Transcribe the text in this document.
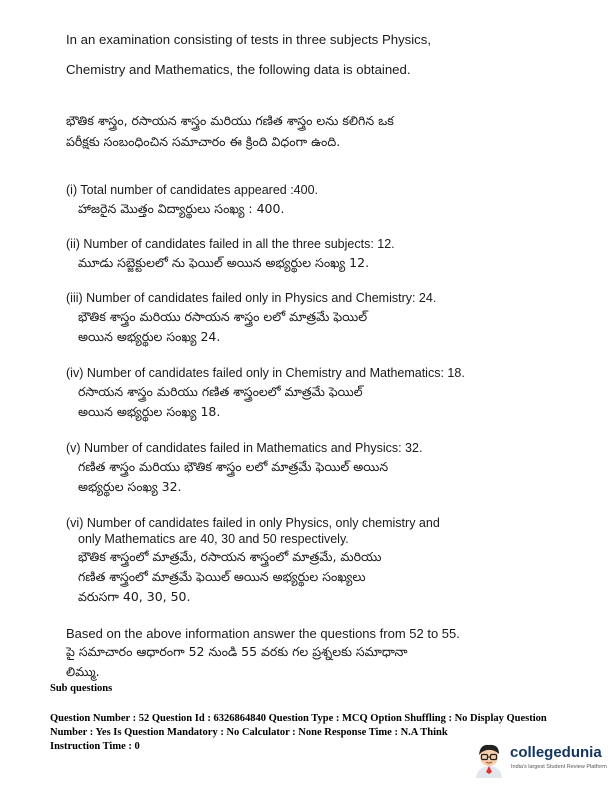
In an examination consisting of tests in three subjects Physics,
Chemistry and Mathematics, the following data is obtained.
భౌతిక శాస్త్రం, రసాయన శాస్త్రం మరియు గణిత శాస్త్రం లను కలిగిన ఒక
పరీక్షకు సంబంధించిన సమాచారం ఈ క్రింది విధంగా ఉంది.
(i) Total number of candidates appeared :400.
హాజరైన మొత్తం విద్యార్థులు సంఖ్య : 400.
(ii) Number of candidates failed in all the three subjects: 12.
మూడు సబ్జెక్టులలో ను ఫెయిల్ అయిన అభ్యర్థుల సంఖ్య 12.
(iii) Number of candidates failed only in Physics and Chemistry: 24.
భౌతిక శాస్త్రం మరియు రసాయన శాస్త్రం లలో మాత్రమే ఫెయిల్
అయిన అభ్యర్థుల సంఖ్య 24.
(iv) Number of candidates failed only in Chemistry and Mathematics: 18.
రసాయన శాస్త్రం మరియు గణిత శాస్త్రంలలో మాత్రమే ఫెయిల్
అయిన అభ్యర్థుల సంఖ్య 18.
(v) Number of candidates failed in Mathematics and Physics: 32.
గణిత శాస్త్రం మరియు భౌతిక శాస్త్రం లలో మాత్రమే ఫెయిల్ అయిన
అభ్యర్థుల సంఖ్య 32.
(vi) Number of candidates failed in only Physics, only chemistry and
only Mathematics are 40, 30 and 50 respectively.
భౌతిక శాస్త్రంలో మాత్రమే, రసాయన శాస్త్రంలో మాత్రమే, మరియు
గణిత శాస్త్రంలో మాత్రమే ఫెయిల్ అయిన అభ్యర్థుల సంఖ్యలు
వరుసగా 40, 30, 50.
Based on the above information answer the questions from 52 to 55.
పై సమాచారం ఆధారంగా 52 నుండి 55 వరకు గల ప్రశ్నలకు సమాధానా
లిమ్ము.
Sub questions
Question Number : 52 Question Id : 6326864840 Question Type : MCQ Option Shuffling : No Display Question
Number : Yes Is Question Mandatory : No Calculator : None Response Time : N.A Think
Instruction Time : 0	collegedunia
India's largest Student Review Platform
